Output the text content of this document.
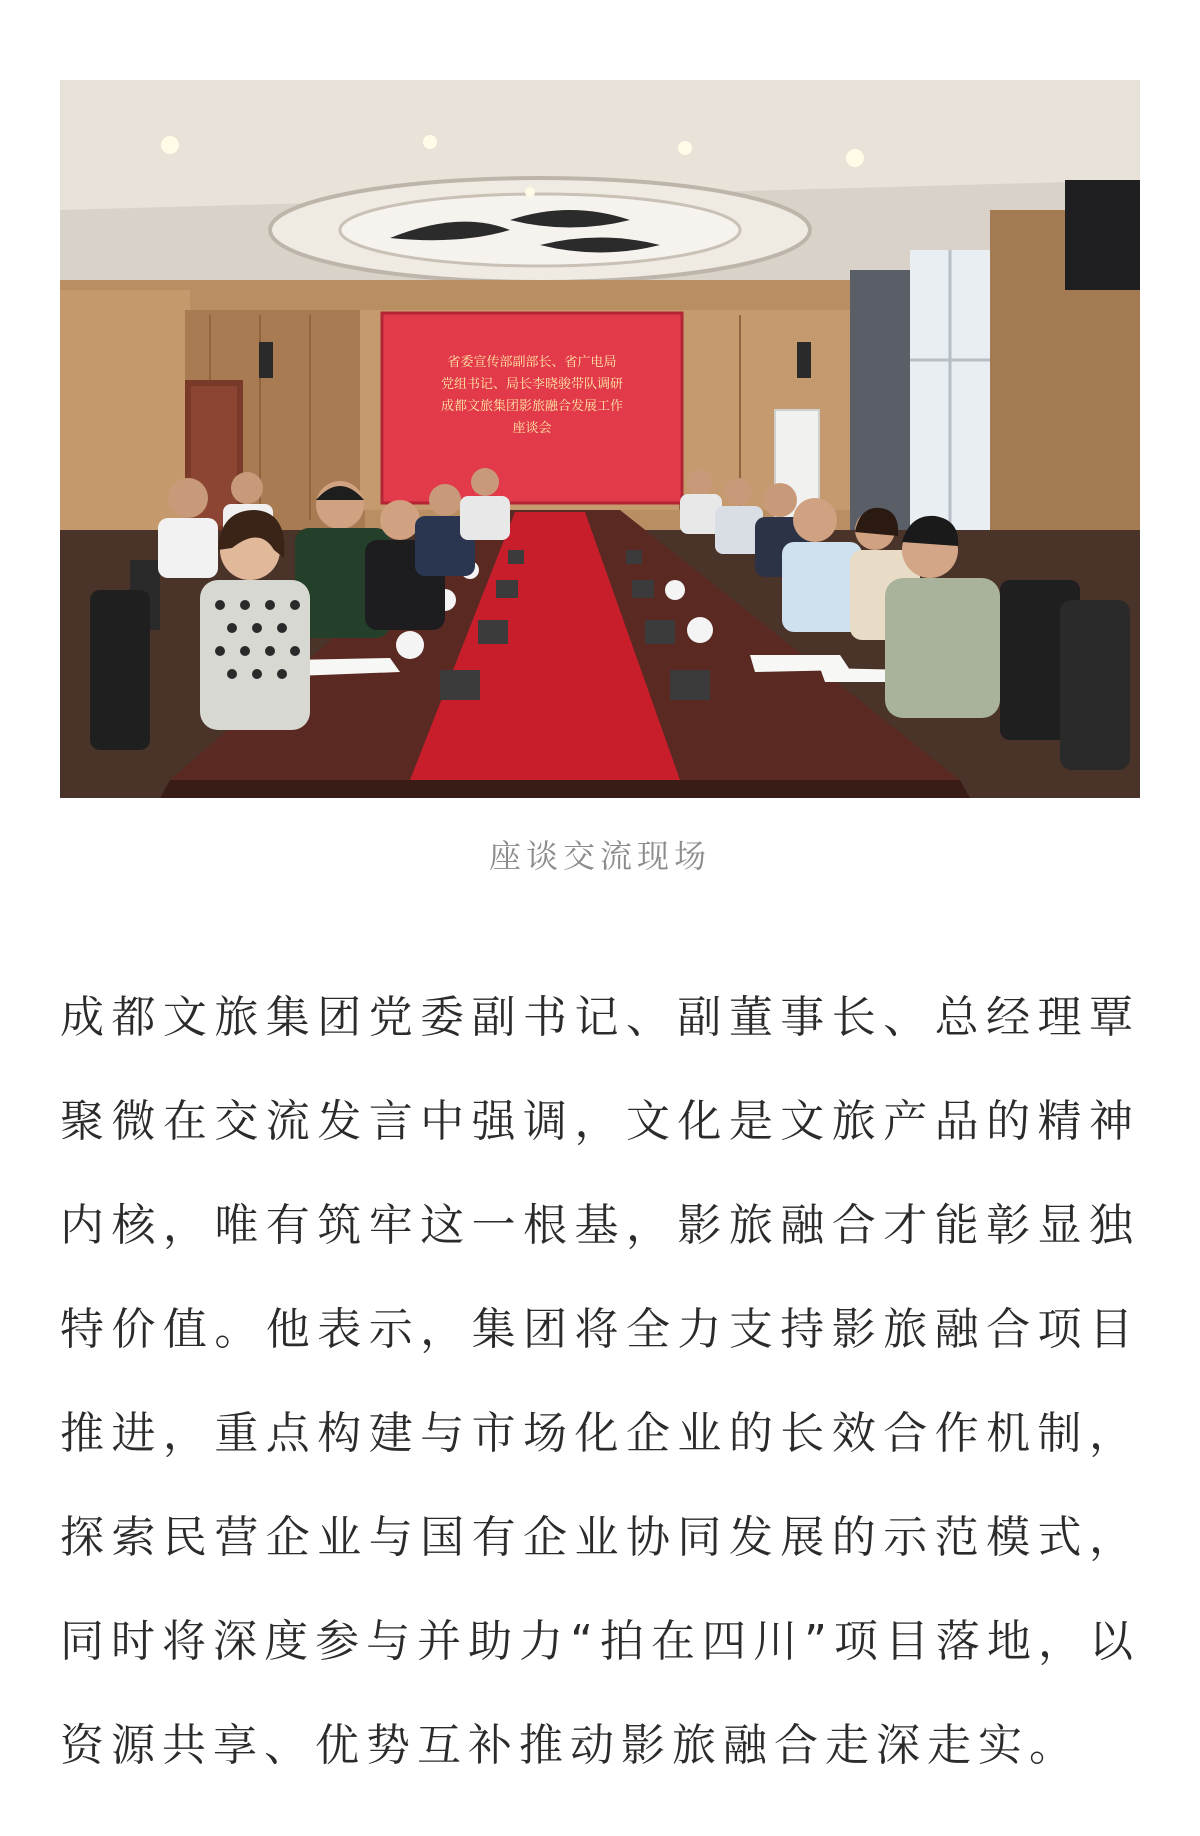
省委宣传部副部长、省广电局
党组书记、局长李晓骏带队调研
成都文旅集团影旅融合发展工作
座谈会
座谈交流现场
成都文旅集团党委副书记、副董事长、总经理覃
聚微在交流发言中强调，文化是文旅产品的精神
内核，唯有筑牢这一根基，影旅融合才能彰显独
特价值。他表示，集团将全力支持影旅融合项目
推进，重点构建与市场化企业的长效合作机制，
探索民营企业与国有企业协同发展的示范模式，
同时将深度参与并助力“拍在四川”项目落地，以
资源共享、优势互补推动影旅融合走深走实。
